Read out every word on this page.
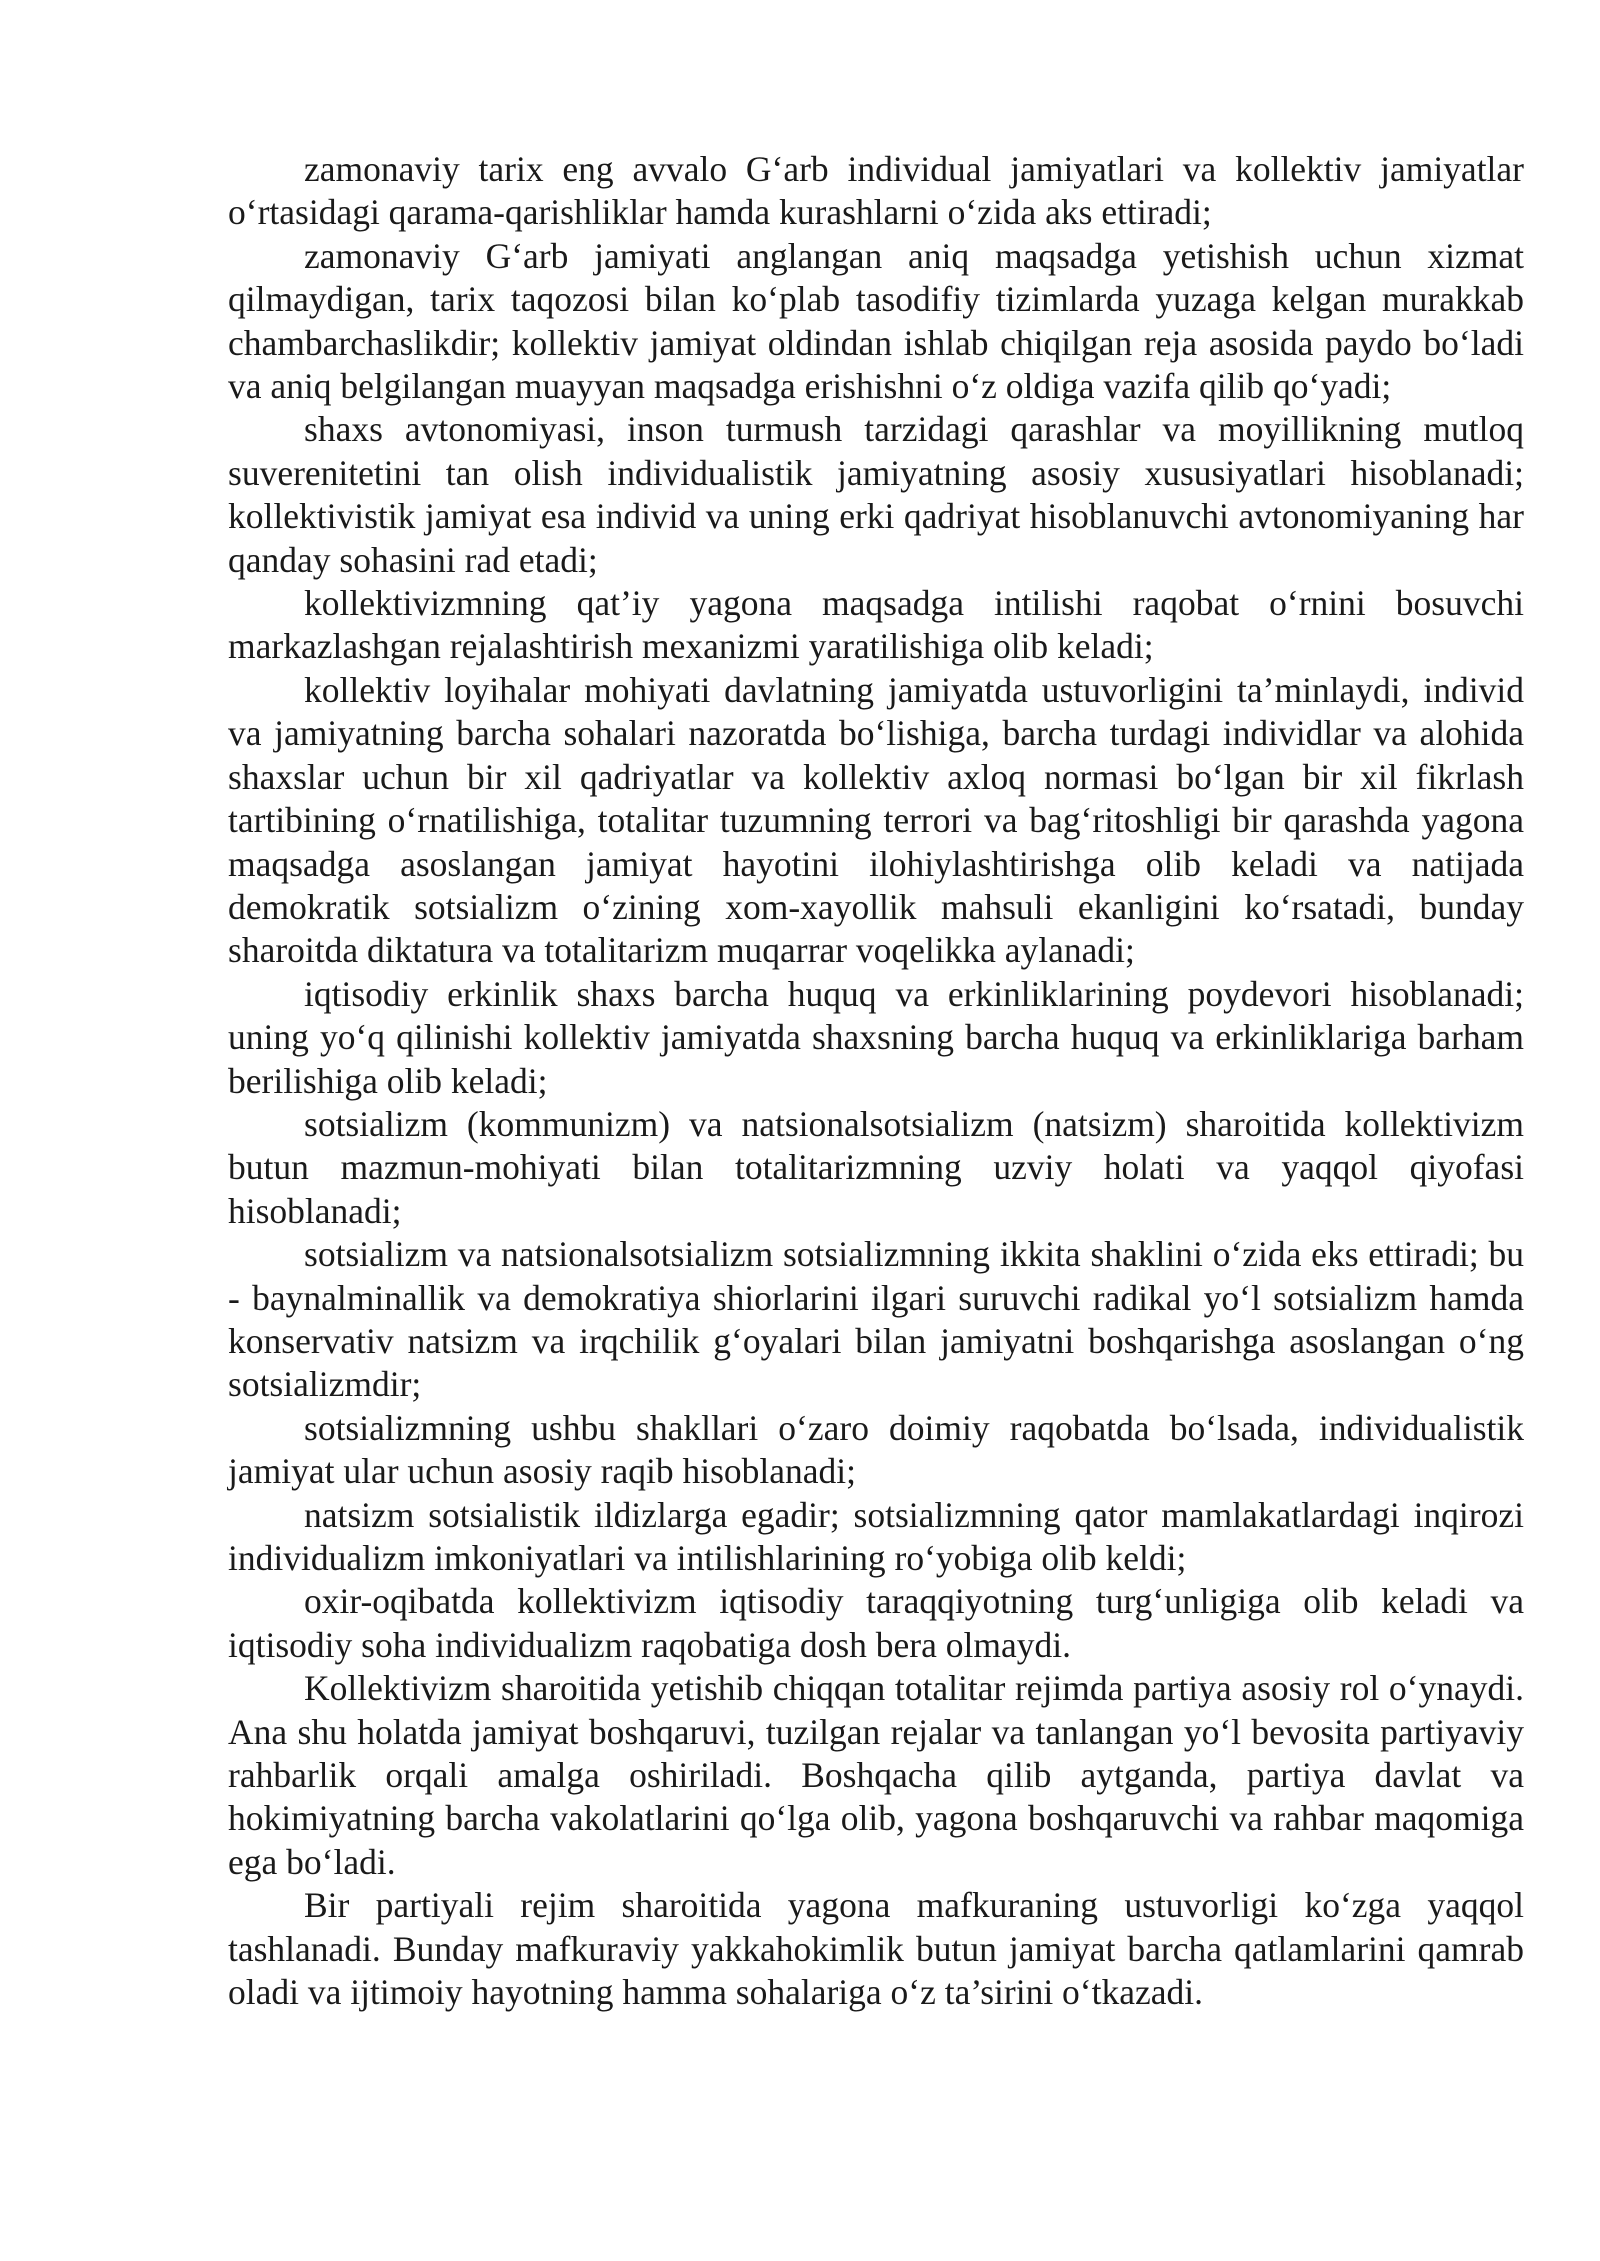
zamonaviy tarix eng avvalo G‘arb individual jamiyatlari va kollektiv jamiyatlar o‘rtasidagi qarama-qarishliklar hamda kurashlarni o‘zida aks ettiradi;

zamonaviy G‘arb jamiyati anglangan aniq maqsadga yetishish uchun xizmat qilmaydigan, tarix taqozosi bilan ko‘plab tasodifiy tizimlarda yuzaga kelgan murakkab chambarchaslikdir; kollektiv jamiyat oldindan ishlab chiqilgan reja asosida paydo bo‘ladi va aniq belgilangan muayyan maqsadga erishishni o‘z oldiga vazifa qilib qo‘yadi;

shaxs avtonomiyasi, inson turmush tarzidagi qarashlar va moyillikning mutloq suverenitetini tan olish individualistik jamiyatning asosiy xususiyatlari hisoblanadi; kollektivistik jamiyat esa individ va uning erki qadriyat hisoblanuvchi avtonomiyaning har qanday sohasini rad etadi;

kollektivizmning qat’iy yagona maqsadga intilishi raqobat o‘rnini bosuvchi markazlashgan rejalashtirish mexanizmi yaratilishiga olib keladi;

kollektiv loyihalar mohiyati davlatning jamiyatda ustuvorligini ta’minlaydi, individ va jamiyatning barcha sohalari nazoratda bo‘lishiga, barcha turdagi individlar va alohida shaxslar uchun bir xil qadriyatlar va kollektiv axloq normasi bo‘lgan bir xil fikrlash tartibining o‘rnatilishiga, totalitar tuzumning terrori va bag‘ritoshligi bir qarashda yagona maqsadga asoslangan jamiyat hayotini ilohiylashtirishga olib keladi va natijada demokratik sotsializm o‘zining xom-xayollik mahsuli ekanligini ko‘rsatadi, bunday sharoitda diktatura va totalitarizm muqarrar voqelikka aylanadi;

iqtisodiy erkinlik shaxs barcha huquq va erkinliklarining poydevori hisoblanadi; uning yo‘q qilinishi kollektiv jamiyatda shaxsning barcha huquq va erkinliklariga barham berilishiga olib keladi;

sotsializm (kommunizm) va natsionalsotsializm (natsizm) sharoitida kollektivizm butun mazmun-mohiyati bilan totalitarizmning uzviy holati va yaqqol qiyofasi hisoblanadi;

sotsializm va natsionalsotsializm sotsializmning ikkita shaklini o‘zida eks ettiradi; bu - baynalminallik va demokratiya shiorlarini ilgari suruvchi radikal yo‘l sotsializm hamda konservativ natsizm va irqchilik g‘oyalari bilan jamiyatni boshqarishga asoslangan o‘ng sotsializmdir;

sotsializmning ushbu shakllari o‘zaro doimiy raqobatda bo‘lsada, individualistik jamiyat ular uchun asosiy raqib hisoblanadi;

natsizm sotsialistik ildizlarga egadir; sotsializmning qator mamlakatlardagi inqirozi individualizm imkoniyatlari va intilishlarining ro‘yobiga olib keldi;

oxir-oqibatda kollektivizm iqtisodiy taraqqiyotning turg‘unligiga olib keladi va iqtisodiy soha individualizm raqobatiga dosh bera olmaydi.

Kollektivizm sharoitida yetishib chiqqan totalitar rejimda partiya asosiy rol o‘ynaydi. Ana shu holatda jamiyat boshqaruvi, tuzilgan rejalar va tanlangan yo‘l bevosita partiyaviy rahbarlik orqali amalga oshiriladi. Boshqacha qilib aytganda, partiya davlat va hokimiyatning barcha vakolatlarini qo‘lga olib, yagona boshqaruvchi va rahbar maqomiga ega bo‘ladi.

Bir partiyali rejim sharoitida yagona mafkuraning ustuvorligi ko‘zga yaqqol tashlanadi. Bunday mafkuraviy yakkahokimlik butun jamiyat barcha qatlamlarini qamrab oladi va ijtimoiy hayotning hamma sohalariga o‘z ta’sirini o‘tkazadi.
